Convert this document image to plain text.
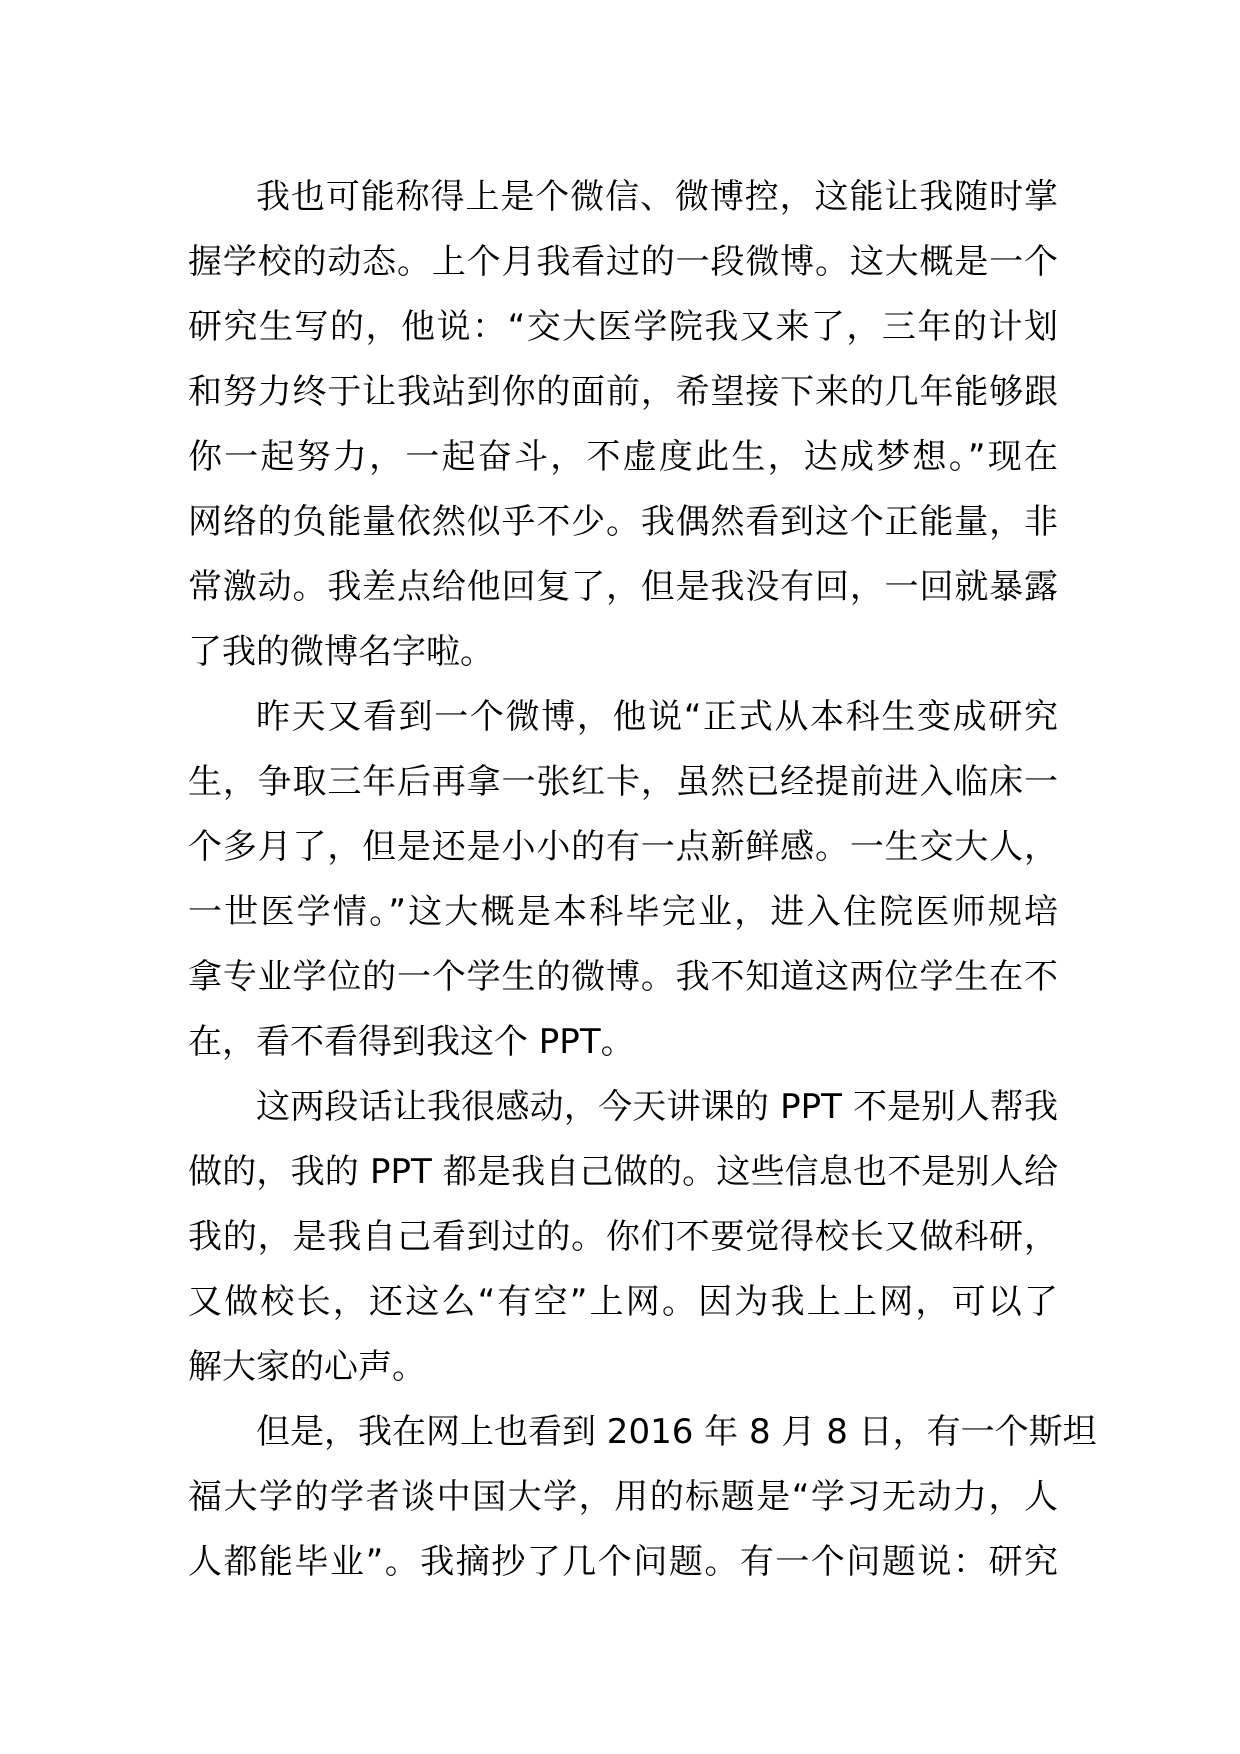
我也可能称得上是个微信、微博控，这能让我随时掌
握学校的动态。上个月我看过的一段微博。这大概是一个
研究生写的，他说：“交大医学院我又来了，三年的计划
和努力终于让我站到你的面前，希望接下来的几年能够跟
你一起努力，一起奋斗，不虚度此生，达成梦想。”现在
网络的负能量依然似乎不少。我偶然看到这个正能量，非
常激动。我差点给他回复了，但是我没有回，一回就暴露
了我的微博名字啦。
昨天又看到一个微博，他说“正式从本科生变成研究
生，争取三年后再拿一张红卡，虽然已经提前进入临床一
个多月了，但是还是小小的有一点新鲜感。一生交大人，
一世医学情。”这大概是本科毕完业，进入住院医师规培
拿专业学位的一个学生的微博。我不知道这两位学生在不
在，看不看得到我这个 PPT。
这两段话让我很感动，今天讲课的 PPT 不是别人帮我
做的，我的 PPT 都是我自己做的。这些信息也不是别人给
我的，是我自己看到过的。你们不要觉得校长又做科研，
又做校长，还这么“有空”上网。因为我上上网，可以了
解大家的心声。
但是，我在网上也看到 2016 年 8 月 8 日，有一个斯坦
福大学的学者谈中国大学，用的标题是“学习无动力，人
人都能毕业”。我摘抄了几个问题。有一个问题说：研究
